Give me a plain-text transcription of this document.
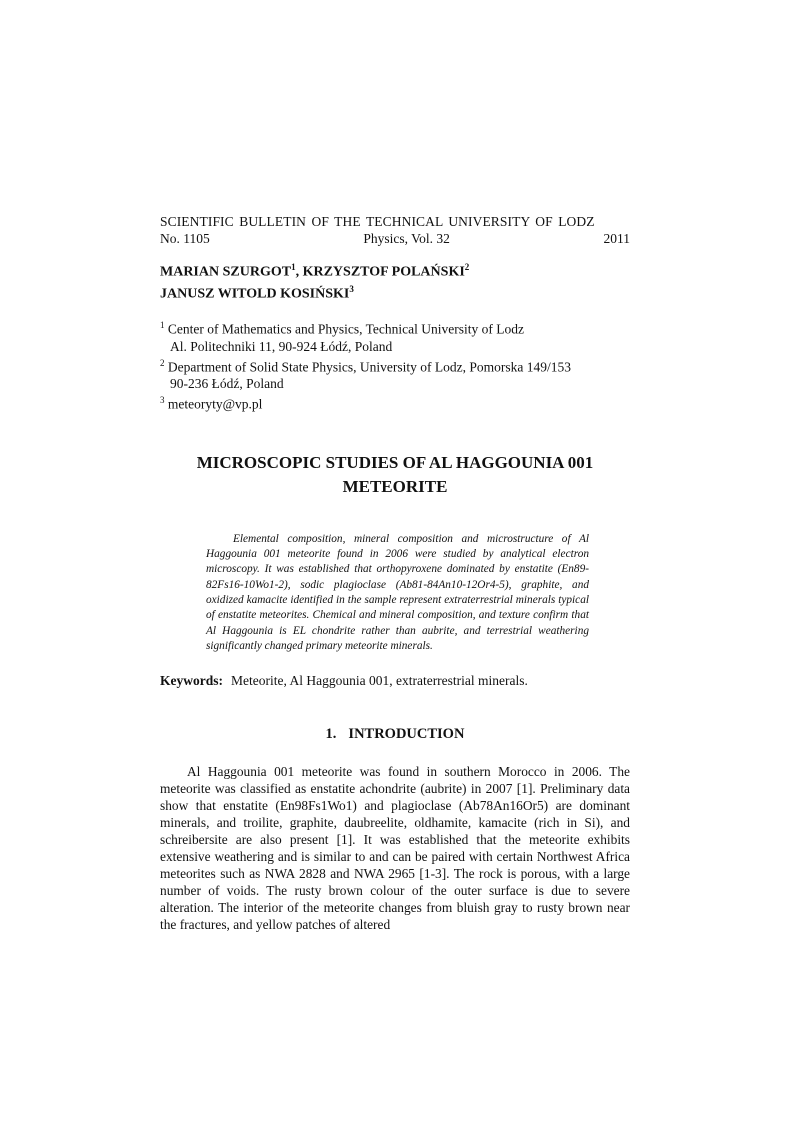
SCIENTIFIC BULLETIN OF THE TECHNICAL UNIVERSITY OF LODZ
No. 1105	Physics, Vol. 32	2011
MARIAN SZURGOT$^1$, KRZYSZTOF POLAŃSKI$^2$
JANUSZ WITOLD KOSIŃSKI$^3$
$^1$ Center of Mathematics and Physics, Technical University of Lodz
Al. Politechniki 11, 90-924 Łódź, Poland
$^2$ Department of Solid State Physics, University of Lodz, Pomorska 149/153
90-236 Łódź, Poland
$^3$ meteoryty@vp.pl
MICROSCOPIC STUDIES OF AL HAGGOUNIA 001
METEORITE
Elemental composition, mineral composition and microstructure of Al Haggounia 001 meteorite found in 2006 were studied by analytical electron microscopy. It was established that orthopyroxene dominated by enstatite (En89-82Fs16-10Wo1-2), sodic plagioclase (Ab81-84An10-12Or4-5), graphite, and oxidized kamacite identified in the sample represent extraterrestrial minerals typical of enstatite meteorites. Chemical and mineral composition, and texture confirm that Al Haggounia is EL chondrite rather than aubrite, and terrestrial weathering significantly changed primary meteorite minerals.
Keywords: Meteorite, Al Haggounia 001, extraterrestrial minerals.
1. INTRODUCTION
Al Haggounia 001 meteorite was found in southern Morocco in 2006. The meteorite was classified as enstatite achondrite (aubrite) in 2007 [1]. Preliminary data show that enstatite (En98Fs1Wo1) and plagioclase (Ab78An16Or5) are dominant minerals, and troilite, graphite, daubreelite, oldhamite, kamacite (rich in Si), and schreibersite are also present [1]. It was established that the meteorite exhibits extensive weathering and is similar to and can be paired with certain Northwest Africa meteorites such as NWA 2828 and NWA 2965 [1-3]. The rock is porous, with a large number of voids. The rusty brown colour of the outer surface is due to severe alteration. The interior of the meteorite changes from bluish gray to rusty brown near the fractures, and yellow patches of altered
